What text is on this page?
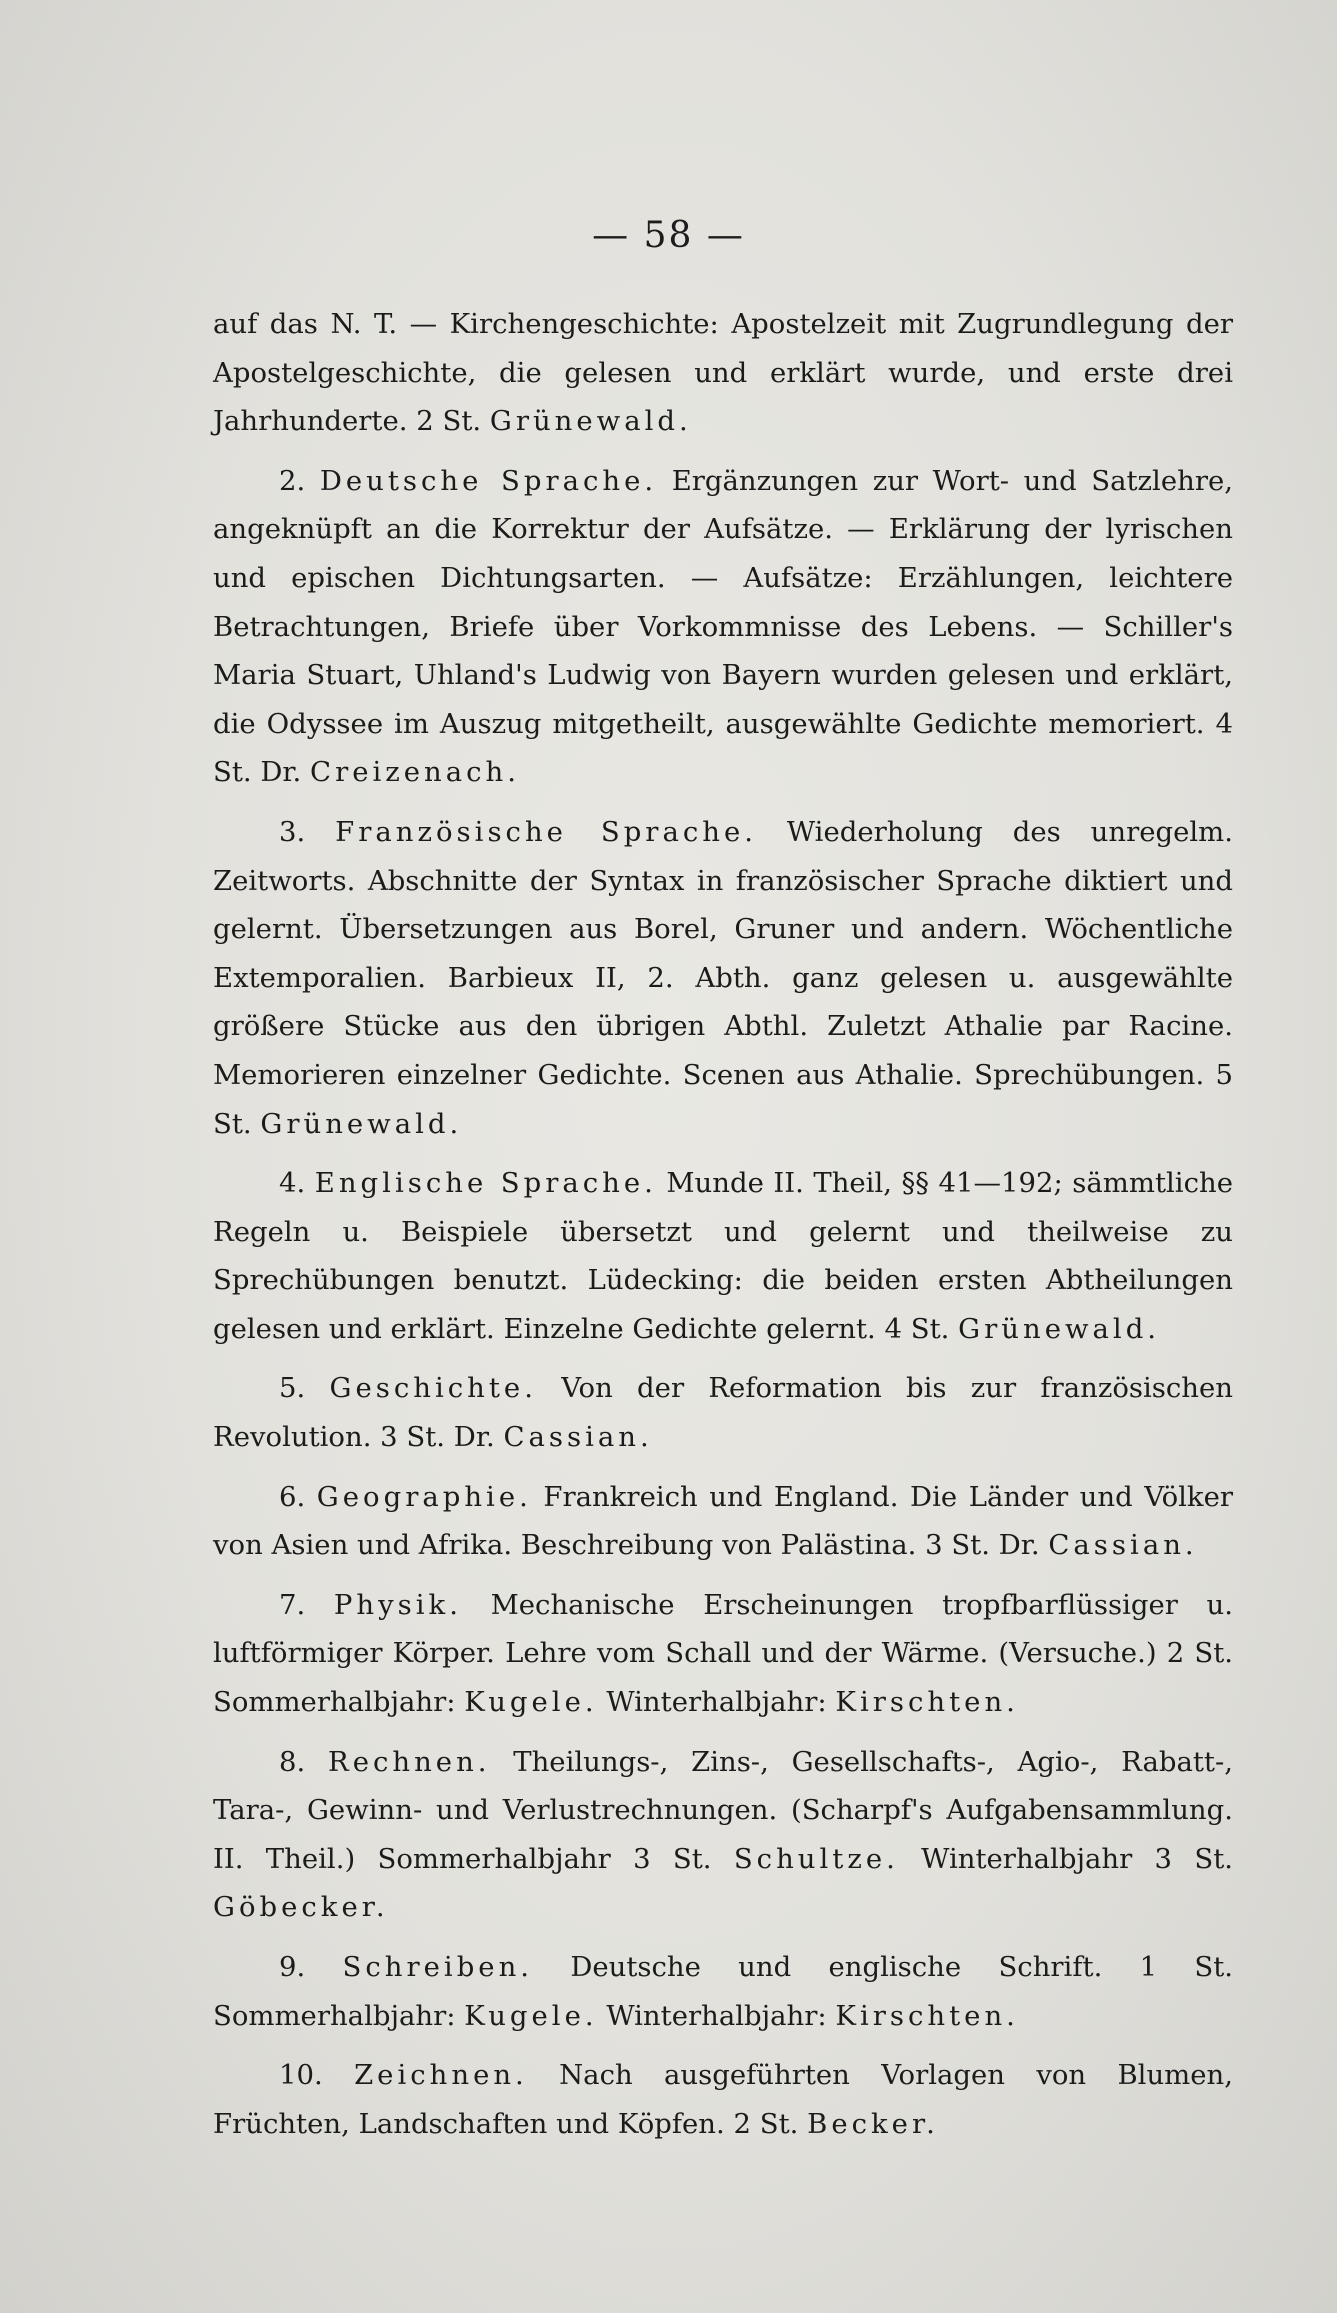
— 58 —

auf das N. T. — Kirchengeschichte: Apostelzeit mit Zugrundlegung der Apostelgeschichte, die gelesen und erklärt wurde, und erste drei Jahrhunderte. 2 St. Grünewald.

2. Deutsche Sprache. Ergänzungen zur Wort- und Satzlehre, angeknüpft an die Korrektur der Aufsätze. — Erklärung der lyrischen und epischen Dichtungsarten. — Aufsätze: Erzählungen, leichtere Betrachtungen, Briefe über Vorkommnisse des Lebens. — Schiller's Maria Stuart, Uhland's Ludwig von Bayern wurden gelesen und erklärt, die Odyssee im Auszug mitgetheilt, ausgewählte Gedichte memoriert. 4 St. Dr. Creizenach.

3. Französische Sprache. Wiederholung des unregelm. Zeitworts. Abschnitte der Syntax in französischer Sprache diktiert und gelernt. Übersetzungen aus Borel, Gruner und andern. Wöchentliche Extemporalien. Barbieux II, 2. Abth. ganz gelesen u. ausgewählte größere Stücke aus den übrigen Abthl. Zuletzt Athalie par Racine. Memorieren einzelner Gedichte. Scenen aus Athalie. Sprechübungen. 5 St. Grünewald.

4. Englische Sprache. Munde II. Theil, §§ 41—192; sämmtliche Regeln u. Beispiele übersetzt und gelernt und theilweise zu Sprechübungen benutzt. Lüdecking: die beiden ersten Abtheilungen gelesen und erklärt. Einzelne Gedichte gelernt. 4 St. Grünewald.

5. Geschichte. Von der Reformation bis zur französischen Revolution. 3 St. Dr. Cassian.

6. Geographie. Frankreich und England. Die Länder und Völker von Asien und Afrika. Beschreibung von Palästina. 3 St. Dr. Cassian.

7. Physik. Mechanische Erscheinungen tropfbarflüssiger u. luftförmiger Körper. Lehre vom Schall und der Wärme. (Versuche.) 2 St. Sommerhalbjahr: Kugele. Winterhalbjahr: Kirschten.

8. Rechnen. Theilungs-, Zins-, Gesellschafts-, Agio-, Rabatt-, Tara-, Gewinn- und Verlustrechnungen. (Scharpf's Aufgabensammlung. II. Theil.) Sommerhalbjahr 3 St. Schultze. Winterhalbjahr 3 St. Göbecker.

9. Schreiben. Deutsche und englische Schrift. 1 St. Sommerhalbjahr: Kugele. Winterhalbjahr: Kirschten.

10. Zeichnen. Nach ausgeführten Vorlagen von Blumen, Früchten, Landschaften und Köpfen. 2 St. Becker.
